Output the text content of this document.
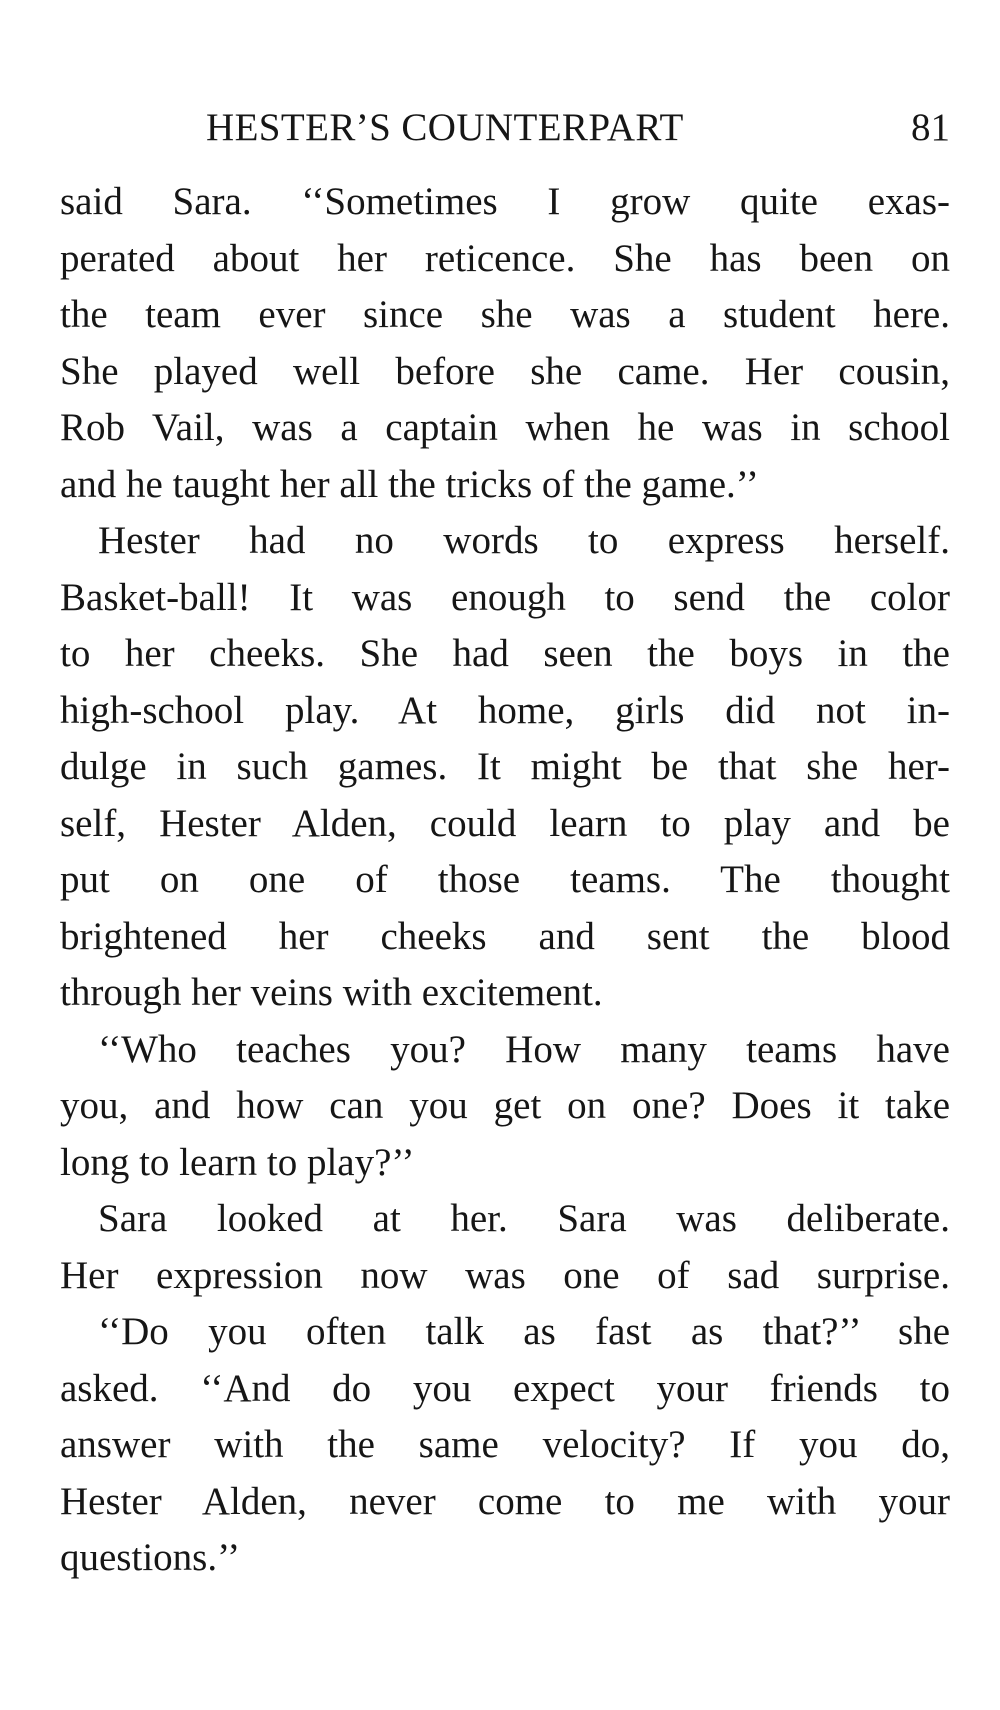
HESTER’S COUNTERPART	81
said Sara. ‘‘Sometimes I grow quite exas-
perated about her reticence. She has been on
the team ever since she was a student here.
She played well before she came. Her cousin,
Rob Vail, was a captain when he was in school
and he taught her all the tricks of the game.’’
Hester had no words to express herself.
Basket-ball! It was enough to send the color
to her cheeks. She had seen the boys in the
high-school play. At home, girls did not in-
dulge in such games. It might be that she her-
self, Hester Alden, could learn to play and be
put on one of those teams. The thought
brightened her cheeks and sent the blood
through her veins with excitement.
‘‘Who teaches you? How many teams have
you, and how can you get on one? Does it take
long to learn to play?’’
Sara looked at her. Sara was deliberate.
Her expression now was one of sad surprise.
‘‘Do you often talk as fast as that?’’ she
asked. ‘‘And do you expect your friends to
answer with the same velocity? If you do,
Hester Alden, never come to me with your
questions.’’
